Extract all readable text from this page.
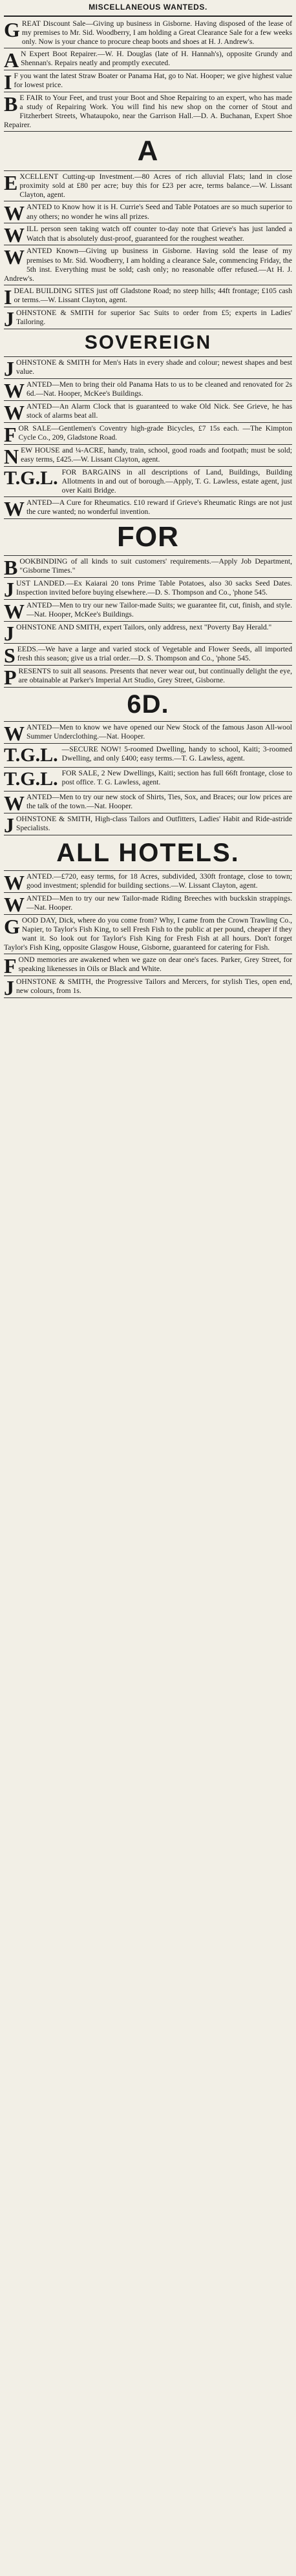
MISCELLANEOUS WANTEDS.
GREAT Discount Sale—Giving up business in Gisborne. Having disposed of the lease of my premises to Mr. Sid. Woodberry, I am holding a Great Clearance Sale for a few weeks only. Now is your chance to procure cheap boots and shoes at H. J. Andrew's.
A N Expert Boot Repairer.—W. H. Douglas (late of H. Hannah's), opposite Grundy and Shennan's. Repairs neatly and promptly executed.
I F you want the latest Straw Boater or Panama Hat, go to Nat. Hooper; we give highest value for lowest price.
B E FAIR to Your Feet, and trust your Boot and Shoe Repairing to an expert, who has made a study of Repairing Work. You will find his new shop on the corner of Stout and Fitzherbert Streets, Whataupoko, near the Garrison Hall.—D. A. Buchanan, Expert Shoe Repairer.
A
EXCELLENT Cutting-up Investment.—80 Acres of rich alluvial Flats; land in close proximity sold at £80 per acre; buy this for £23 per acre, terms balance.—W. Lissant Clayton, agent.
WANTED to Know how it is H. Currie's Seed and Table Potatoes are so much superior to any others; no wonder he wins all prizes.
WILL person seen taking watch off counter to-day note that Grieve's has just landed a Watch that is absolutely dust-proof, guaranteed for the roughest weather.
WANTED Known—Giving up business in Gisborne. Having sold the lease of my premises to Mr. Sid. Woodberry, I am holding a clearance Sale, commencing Friday, the 5th inst. Everything must be sold; cash only; no reasonable offer refused.—At H. J. Andrew's.
IDEAL BUILDING SITES just off Gladstone Road; no steep hills; 44ft frontage; £105 cash or terms.—W. Lissant Clayton, agent.
JOHNSTONE & SMITH for superior Sac Suits to order from £5; experts in Ladies' Tailoring.
SOVEREIGN
JOHNSTONE & SMITH for Men's Hats in every shade and colour; newest shapes and best value.
WANTED—Men to bring their old Panama Hats to us to be cleaned and renovated for 2s 6d.—Nat. Hooper, McKee's Buildings.
WANTED—An Alarm Clock that is guaranteed to wake Old Nick. See Grieve, he has stock of alarms beat all.
FOR SALE—Gentlemen's Coventry high-grade Bicycles, £7 15s each. —The Kimpton Cycle Co., 209, Gladstone Road.
NEW HOUSE and ¼-ACRE, handy, train, school, good roads and footpath; must be sold; easy terms, £425.—W. Lissant Clayton, agent.
T.G.L. FOR BARGAINS in all descriptions of Land, Buildings, Building Allotments in and out of borough.—Apply, T. G. Lawless, estate agent, just over Kaiti Bridge.
WANTED—A Cure for Rheumatics. £10 reward if Grieve's Rheumatic Rings are not just the cure wanted; no wonderful invention.
FOR
BOOKBINDING of all kinds to suit customers' requirements.—Apply Job Department, "Gisborne Times."
JUST LANDED.—Ex Kaiarai 20 tons Prime Table Potatoes, also 30 sacks Seed Dates. Inspection invited before buying elsewhere.—D. S. Thompson and Co., 'phone 545.
WANTED—Men to try our new Tailor-made Suits; we guarantee fit, cut, finish, and style.—Nat. Hooper, McKee's Buildings.
JOHNSTONE AND SMITH, expert Tailors, only address, next "Poverty Bay Herald."
SEEDS.—We have a large and varied stock of Vegetable and Flower Seeds, all imported fresh this season; give us a trial order.—D. S. Thompson and Co., 'phone 545.
PRESENTS to suit all seasons. Presents that never wear out, but continually delight the eye, are obtainable at Parker's Imperial Art Studio, Grey Street, Gisborne.
6D.
WANTED—Men to know we have opened our New Stock of the famous Jason All-wool Summer Underclothing.—Nat. Hooper.
T.G.L. —SECURE NOW! 5-roomed Dwelling, handy to school, Kaiti; 3-roomed Dwelling, and only £400; easy terms.—T. G. Lawless, agent.
T.G.L. FOR SALE, 2 New Dwellings, Kaiti; section has full 66ft frontage, close to post office. T. G. Lawless, agent.
WANTED—Men to try our new stock of Shirts, Ties, Sox, and Braces; our low prices are the talk of the town.—Nat. Hooper.
JOHNSTONE & SMITH, High-class Tailors and Outfitters, Ladies' Habit and Ride-astride Specialists.
ALL HOTELS.
WANTED.—£720, easy terms, for 18 Acres, subdivided, 330ft frontage, close to town; good investment; splendid for building sections.—W. Lissant Clayton, agent.
WANTED—Men to try our new Tailor-made Riding Breeches with buckskin strappings.—Nat. Hooper.
GOOD DAY, Dick, where do you come from? Why, I came from the Crown Trawling Co., Napier, to Taylor's Fish King, to sell Fresh Fish to the public at per pound, cheaper if they want it. So look out for Taylor's Fish King for Fresh Fish at all hours. Don't forget Taylor's Fish King, opposite Glasgow House, Gisborne, guaranteed for catering for Fish.
FOND memories are awakened when we gaze on dear one's faces. Parker, Grey Street, for speaking likenesses in Oils or Black and White.
JOHNSTONE & SMITH, the Progressive Tailors and Mercers, for stylish Ties, open end, new colours, from 1s.
